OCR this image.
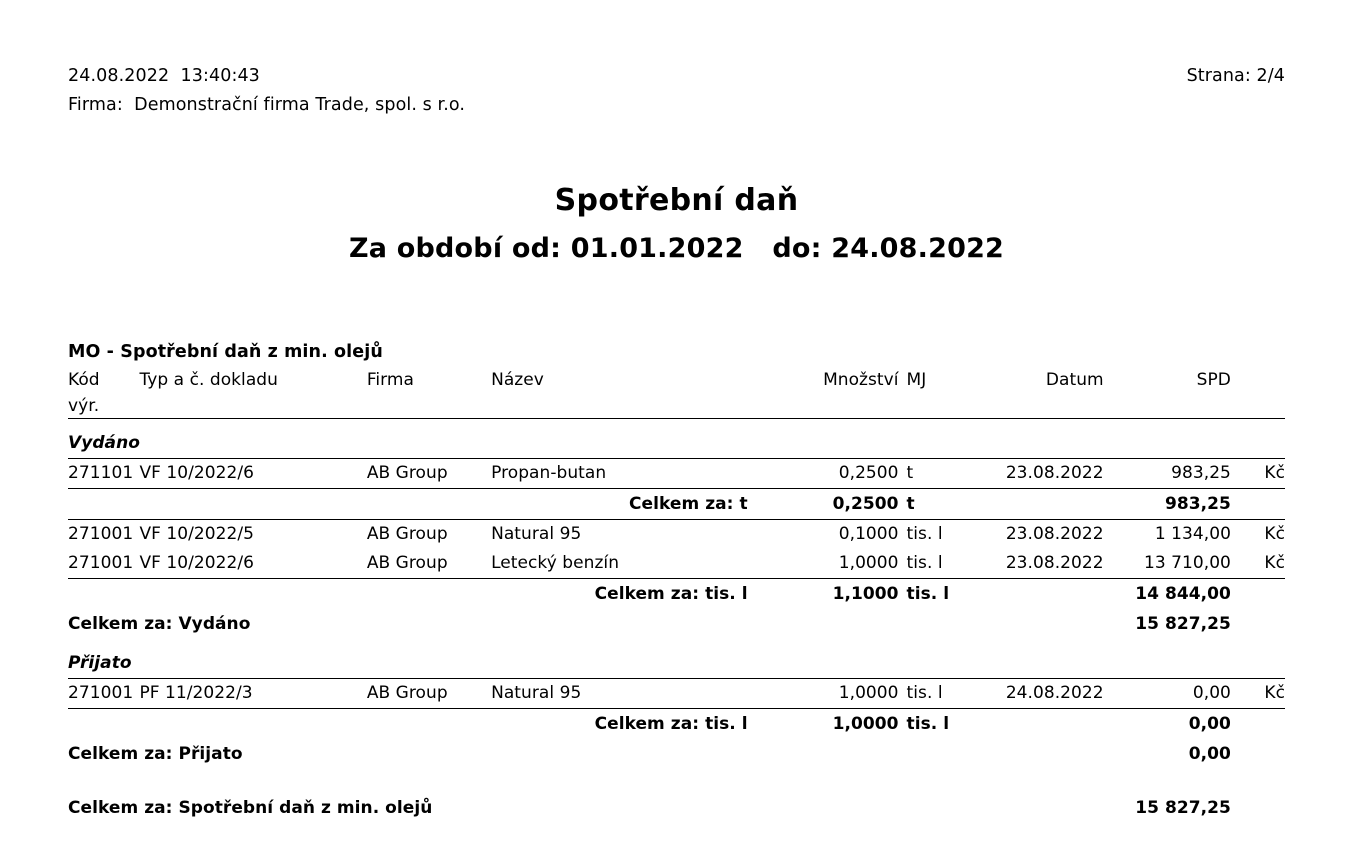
24.08.2022  13:40:43	Strana: 2/4
Firma:  Demonstrační firma Trade, spol. s r.o.
Spotřební daň
Za období od: 01.01.2022   do: 24.08.2022
MO - Spotřební daň z min. olejů
Kód	Typ a č. dokladu	Firma	Název	Množství	MJ	Datum	SPD	
výr.								

Vydáno								
271101	VF 10/2022/6	AB Group	Propan-butan	0,2500	t	23.08.2022	983,25	Kč
Celkem za: t				0,2500	t		983,25	
271001	VF 10/2022/5	AB Group	Natural 95	0,1000	tis. l	23.08.2022	1 134,00	Kč
271001	VF 10/2022/6	AB Group	Letecký benzín	1,0000	tis. l	23.08.2022	13 710,00	Kč
Celkem za: tis. l				1,1000	tis. l		14 844,00	
Celkem za: Vydáno							15 827,25	
Přijato								
271001	PF 11/2022/3	AB Group	Natural 95	1,0000	tis. l	24.08.2022	0,00	Kč
Celkem za: tis. l				1,0000	tis. l		0,00	
Celkem za: Přijato							0,00	
Celkem za: Spotřební daň z min. olejů							15 827,25	
